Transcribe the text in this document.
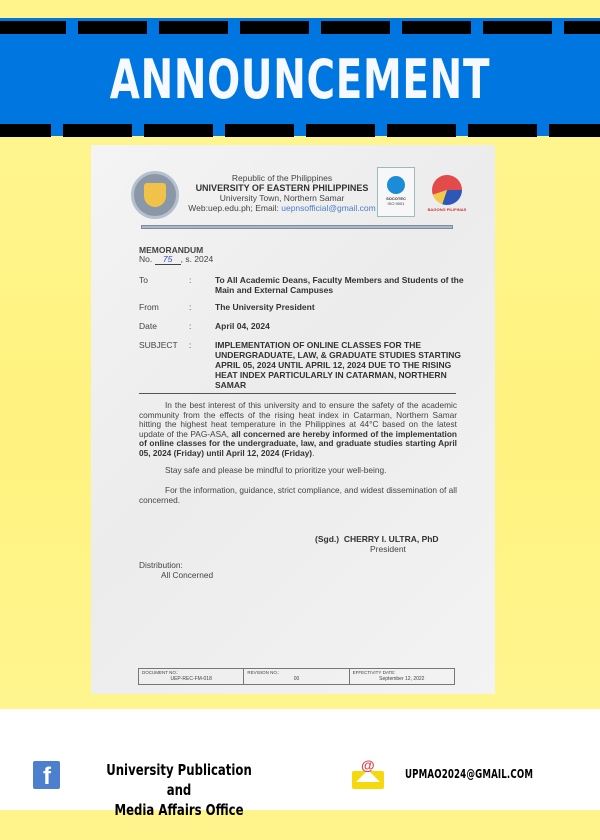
ANNOUNCEMENT
Republic of the Philippines
UNIVERSITY OF EASTERN PHILIPPINES
University Town, Northern Samar
Web:uep.edu.ph; Email: uepnsofficial@gmail.com
SOCOTEC
ISO 9001
BAGONG PILIPINAS
MEMORANDUM
No. 75 , s. 2024
To	:	To All Academic Deans, Faculty Members and Students of the Main and External Campuses
From	:	The University President
Date	:	April 04, 2024
SUBJECT	:	IMPLEMENTATION OF ONLINE CLASSES FOR THE UNDERGRADUATE, LAW, & GRADUATE STUDIES STARTING APRIL 05, 2024 UNTIL APRIL 12, 2024 DUE TO THE RISING HEAT INDEX PARTICULARLY IN CATARMAN, NORTHERN SAMAR
In the best interest of this university and to ensure the safety of the academic community from the effects of the rising heat index in Catarman, Northern Samar hitting the highest heat temperature in the Philippines at 44°C based on the latest update of the PAG-ASA, all concerned are hereby informed of the implementation of online classes for the undergraduate, law, and graduate studies starting April 05, 2024 (Friday) until April 12, 2024 (Friday).
Stay safe and please be mindful to prioritize your well-being.
For the information, guidance, strict compliance, and widest dissemination of all concerned.
(Sgd.) CHERRY I. ULTRA, PhD
President
Distribution:
All Concerned
DOCUMENT NO.:
UEP-REC-FM-018
REVISION NO.:
00
EFFECTIVITY DATE:
September 12, 2022
f	University Publication and
Media Affairs Office
@
UPMAO2024@GMAIL.COM
